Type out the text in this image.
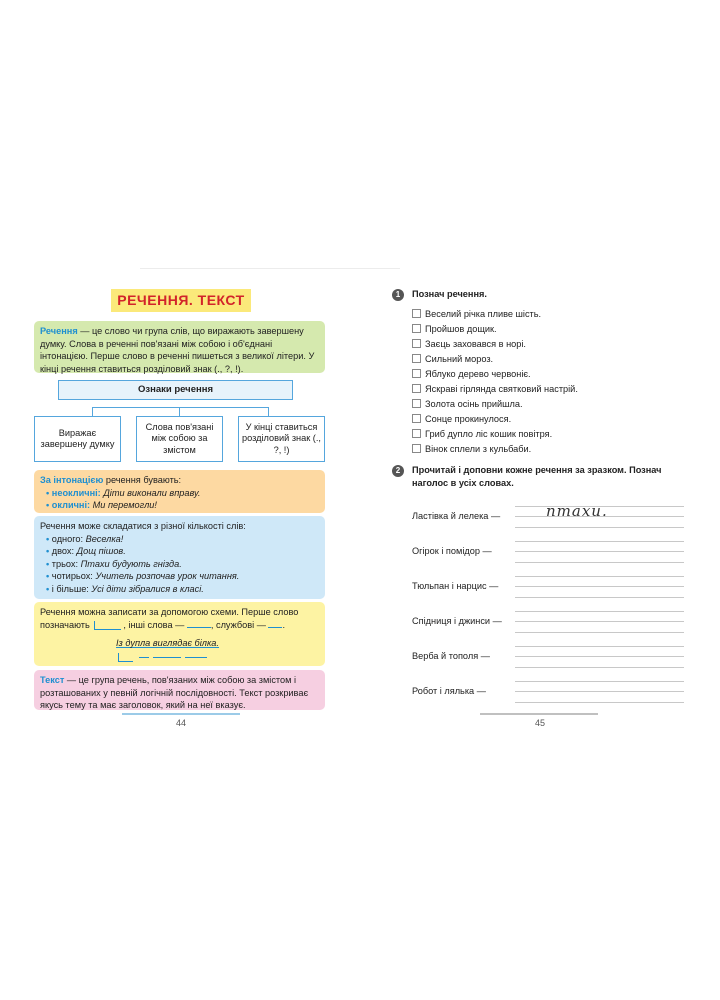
РЕЧЕННЯ. ТЕКСТ
Речення — це слово чи група слів, що виражають завершену думку. Слова в реченні пов'язані між собою і об'єднані інтонацією. Перше слово в реченні пишеться з великої літери. У кінці речення ставиться розділовий знак (., ?, !).
Ознаки речення
Виражає завершену думку
Слова пов'язані між собою за змістом
У кінці ставиться розділовий знак (., ?, !)
За інтонацією речення бувають:
• неокличні: Діти виконали вправу.
• окличні: Ми перемогли!
Речення може складатися з різної кількості слів:
• одного: Веселка!
• двох: Дощ пішов.
• трьох: Птахи будують гнізда.
• чотирьох: Учитель розпочав урок читання.
• і більше: Усі діти зібралися в класі.
Речення можна записати за допомогою схеми. Перше слово позначають	, інші слова —	, службові — .
Із дупла виглядає білка.
Текст — це група речень, пов'язаних між собою за змістом і розташованих у певній логічній послідовності. Текст розкриває якусь тему та має заголовок, який на неї вказує.
44
1	Познач речення.
Веселий річка пливе шість.
Пройшов дощик.
Заєць заховався в норі.
Сильний мороз.
Яблуко дерево червоніє.
Яскраві гірлянда святковий настрій.
Золота осінь прийшла.
Сонце прокинулося.
Гриб дупло ліс кошик повітря.
Вінок сплели з кульбаби.
2	Прочитай і доповни кожне речення за зразком. Познач
наголос в усіх словах.
Ластівка й лелека —	птахи.
Огірок і помідор —
Тюльпан і нарцис —
Спідниця і джинси —
Верба й тополя —
Робот і лялька —
45
